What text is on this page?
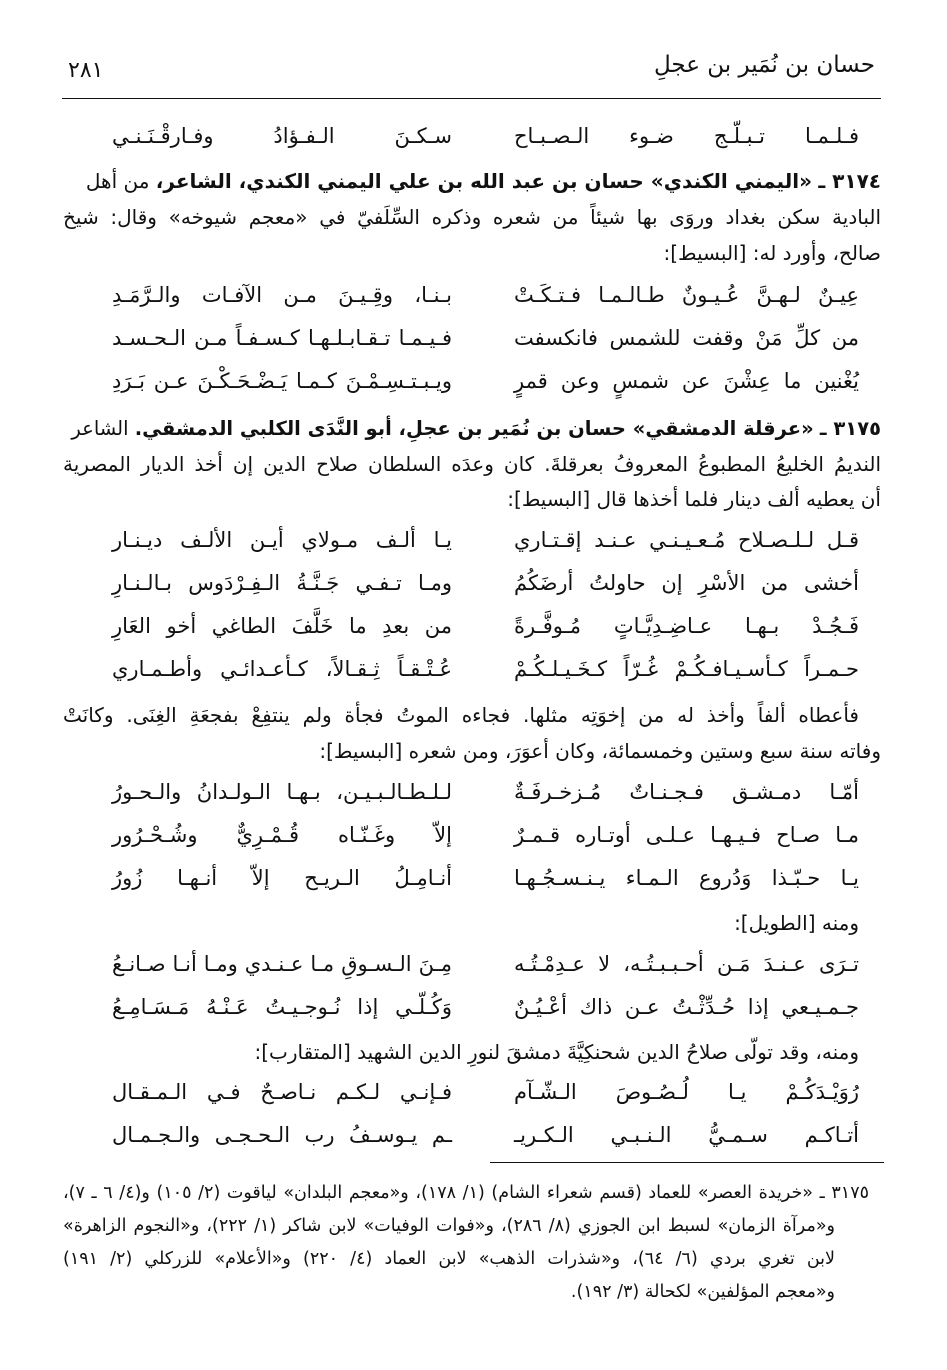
حسان بن نُمَير بن عجلِ
٢٨١
فـلـمـا تـبـلّـج ضـوء الـصـبـاح
سـكـنَ الـفـؤادُ وفـارقْـنَـنـي
٣١٧٤ ـ «اليمني الكندي» حسان بن عبد الله بن علي اليمني الكندي، الشاعر، من أهل
البادية سكن بغداد وروَى بها شيئاً من شعره وذكره السِّلَفيّ في «معجم شيوخه» وقال: شيخ
صالح، وأورد له: [البسيط]:
عِيـنٌ لـهـنَّ عُـيـونٌ طـالـمـا فـتـكَـتْ
بـنـا، وقِـيـنَ مـن الآفـات والـرَّمَـدِ
من كلِّ مَنْ وقفت للشمس فانكسفت
فـيـمـا تـقـابـلـهـا كـسـفـاً مـن الـحـسـد
يُغْنين ما عِشْنَ عن شمسٍ وعن قمرٍ
ويـبـتـسِـمْـنَ كـمـا يَـضْـحَـكْـنَ عـن بَـرَدِ
٣١٧٥ ـ «عرقلة الدمشقي» حسان بن نُمَير بن عجلِ، أبو النَّدَى الكلبي الدمشقي. الشاعر
النديمُ الخليعُ المطبوعُ المعروفُ بعرقلةَ. كان وعدَه السلطان صلاح الدين إن أخذ الديار المصرية
أن يعطيه ألف دينار فلما أخذها قال [البسيط]:
قـل لـلـصـلاح مُـعـيـنـي عـنـد إقـتـاري
يـا ألـف مـولاي أيـن الألـف ديـنـار
أخشى من الأسْرِ إن حاولتُ أرضَكُمُ
ومـا تـفـي جَـنَّـةُ الـفِـرْدَوس بـالـنـارِ
فَـجُـدْ بـهـا عـاضِـدِيَّـاتٍ مُـوفَّـرةً
من بعدِ ما خَلَّفَ الطاغي أخو العَارِ
حـمـراً كـأسـيـافـكُـمْ غُـرّاً كـخَـيـلـكُـمْ
عُـتْـقـاً ثِـقـالاً، كـأعـدائـي وأطـمـاري
فأعطاه ألفاً وأخذ له من إخوَتِه مثلها. فجاءه الموتُ فجأة ولم ينتفِعْ بفجعَةِ الغِنَى. وكانَتْ
وفاته سنة سبع وستين وخمسمائة، وكان أعوَرَ، ومن شعره [البسيط]:
أمّـا دمـشـق فـجـنـاتٌ مُـزخـرفَـةٌ
لـلـطـالـبـيـن، بـهـا الـولـدانُ والـحـورُ
مـا صـاح فـيـهـا عـلـى أوتـاره قـمـرٌ
إلاّ وغَـنّـاه قُـمْـرِيٌّ وشُـحْـرُور
يـا حـبّـذا وَدُروع الـمـاء يـنـسـجُـهـا
أنـامِـلُ الـريـح إلاّ أنـهـا زُورُ
ومنه [الطويل]:
تـرَى عـنـدَ مَـن أحـبـبـتُـه، لا عـدِمْـتُـه
مِـنَ الـسـوقِ مـا عـنـدي ومـا أنـا صـانـعُ
جـمـيـعي إذا حُـدِّثْـتُ عـن ذاك أعْـيُـنٌ
وَكُـلّـي إذا نُـوجـيـتُ عَـنْـهُ مَـسَـامِـعُ
ومنه، وقد تولّى صلاحُ الدين شحنكِيَّةَ دمشقَ لنورِ الدين الشهيد [المتقارب]:
رُوَيْـدَكُـمْ يـا لُـصُـوصَ الـشّـآم
فـإنـي لـكـم نـاصـحٌ فـي الـمـقـال
أتـاكـم سـمـيُّ الـنـبـي الـكـريـ
ـم يـوسـفُ رب الـحـجـى والـجـمـال
٣١٧٥ ـ «خريدة العصر» للعماد (قسم شعراء الشام) (١/ ١٧٨)، و«معجم البلدان» لياقوت (٢/ ١٠٥) و(٤/ ٦ ـ ٧)،
و«مرآة الزمان» لسبط ابن الجوزي (٨/ ٢٨٦)، و«فوات الوفيات» لابن شاكر (١/ ٢٢٢)، و«النجوم الزاهرة»
لابن تغري بردي (٦/ ٦٤)، و«شذرات الذهب» لابن العماد (٤/ ٢٢٠) و«الأعلام» للزركلي (٢/ ١٩١)
و«معجم المؤلفين» لكحالة (٣/ ١٩٢).
